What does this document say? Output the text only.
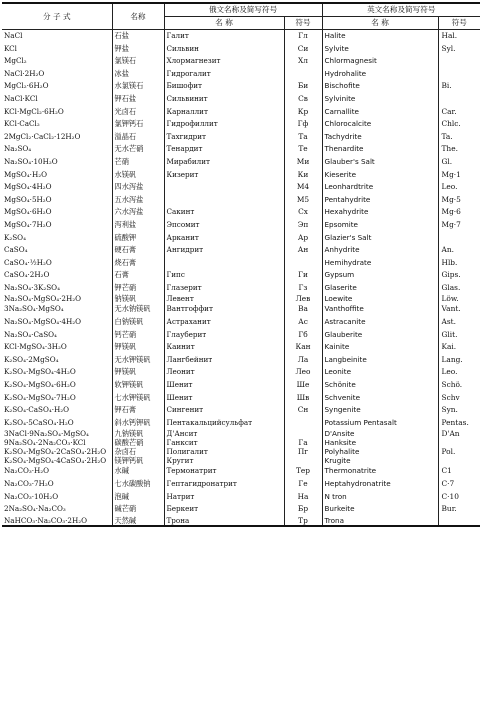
分 子 式	名称	俄文名称及简写符号		英文名称及简写符号	
		名 称	符号	名 称	符号
NaCl	石盐	Галит	Гл	Halite	Hal.
KCl	钾盐	Сильвин	Си	Sylvite	Syl.
MgCl₂	氯镁石	Хлормагнезит	Хл	Chlormagnesit	
NaCl·2H₂O	冰盐	Гидрогалит		Hydrohalite	
MgCl₂·6H₂O	水氯镁石	Бишофит	Би	Bischofite	Bi.
NaCl·KCl	钾石盐	Сильвинит	Св	Sylvinite	
KCl·MgCl₂·6H₂O	光卤石	Карналлит	Кр	Carnallite	Car.
KCl·CaCl₂	氯钾钙石	Гидрофиллит	Гф	Chlorocalcite	Chlc.
2MgCl₂·CaCl₂·12H₂O	溢晶石	Тахгидрит	Та	Tachydrite	Ta.
Na₂SO₄	无水芒硝	Тенардит	Те	Thenardite	The.
Na₂SO₄·10H₂O	芒硝	Мирабилит	Ми	Glauber's Salt	Gl.
MgSO₄·H₂O	水镁矾	Кизерит	Ки	Kieserite	Mg·1
MgSO₄·4H₂O	四水泻盐		М4	Leonhardtrite	Leo.
MgSO₄·5H₂O	五水泻盐		М5	Pentahydrite	Mg·5
MgSO₄·6H₂O	六水泻盐	Сакинт	Сх	Hexahydrite	Mg·6
MgSO₄·7H₂O	泻利盐	Эпсомит	Эп	Epsomite	Mg·7
K₂SO₄	硫酸钾	Арканит	Ар	Glazier's Salt	
CaSO₄	硬石膏	Ангидрит	Ан	Anhydrite	An.
CaSO₄·½H₂O	烧石膏			Hemihydrate	Hlb.
CaSO₄·2H₂O	石膏	Гипс	Ги	Gypsum	Gips.
Na₂SO₄·3K₂SO₄	钾芒硝	Глазерит	Гз	Glaserite	Glas.
Na₂SO₄·MgSO₄·2H₂O	钠镁矾	Левент	Лев	Loewite	Löw.
3Na₂SO₄·MgSO₄	无水钠镁矾	Вантгоффит	Ва	Vanthoffite	Vant.
Na₂SO₄·MgSO₄·4H₂O	白钠镁矾	Астраханит	Ас	Astracanite	Ast.
Na₂SO₄·CaSO₄	钙芒硝	Глауберит	Гб	Glauberite	Glit.
KCl·MgSO₄·3H₂O	钾镁矾	Каинит	Кан	Kainite	Kai.
K₂SO₄·2MgSO₄	无水钾镁矾	Лангбейнит	Ла	Langbeinite	Lang.
K₂SO₄·MgSO₄·4H₂O	钾镁矾	Леонит	Лео	Leonite	Leo.
K₂SO₄·MgSO₄·6H₂O	软钾镁矾	Шенит	Ше	Schönite	Schö.
K₂SO₄·MgSO₄·7H₂O	七水钾镁矾	Шенит	Шв	Schvenite	Schv
K₂SO₄·CaSO₄·H₂O	钾石膏	Сингенит	Сн	Syngenite	Syn.
K₂SO₄·5CaSO₄·H₂O	斜水钙钾矾	Пентакальцийсульфат		Potassium Pentasalt	Pentas.
3NaCl·9Na₂SO₄·MgSO₄	九钠镁矾	Д'Ансит		D'Ansite	D'An
9Na₂SO₄·2Na₂CO₃·KCl	碳酸芒硝	Ганксит	Га	Hanksite	
K₂SO₄·MgSO₄·2CaSO₄·2H₂O	杂卤石	Полигалит	Пг	Polyhalite	Pol.
K₂SO₄·MgSO₄·4CaSO₄·2H₂O	镁钾钙矾	Кругит		Krugite	
Na₂CO₃·H₂O	水碱	Термонатрит	Тер	Thermonatrite	C1
Na₂CO₃·7H₂O	七水碳酸钠	Гептагидронатрит	Ге	Heptahydronatrite	C·7
Na₂CO₃·10H₂O	泡碱	Натрит	На	N tron	C·10
2Na₂SO₄·Na₂CO₃	碱芒硝	Беркеит	Бр	Burkeite	Bur.
NaHCO₃·Na₂CO₃·2H₂O	天然碱	Трона	Тр	Trona	
